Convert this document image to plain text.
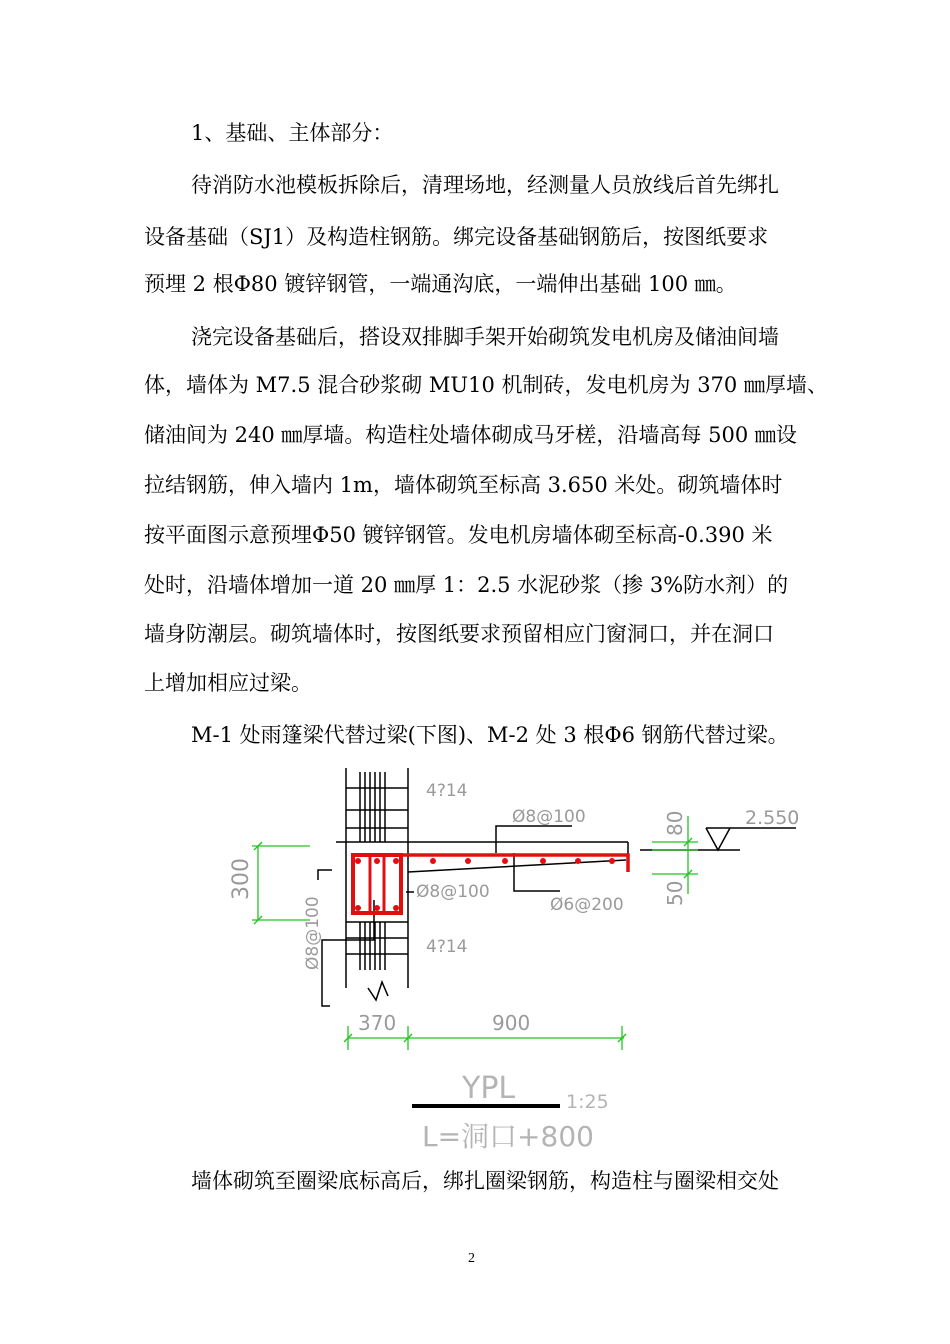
1、基础、主体部分：
待消防水池模板拆除后，清理场地，经测量人员放线后首先绑扎
设备基础（SJ1）及构造柱钢筋。绑完设备基础钢筋后，按图纸要求
预埋 2 根Φ80 镀锌钢管，一端通沟底，一端伸出基础 100 ㎜。
浇完设备基础后，搭设双排脚手架开始砌筑发电机房及储油间墙
体，墙体为 M7.5 混合砂浆砌 MU10 机制砖，发电机房为 370 ㎜厚墙、
储油间为 240 ㎜厚墙。构造柱处墙体砌成马牙槎，沿墙高每 500 ㎜设
拉结钢筋，伸入墙内 1m，墙体砌筑至标高 3.650 米处。砌筑墙体时
按平面图示意预埋Φ50 镀锌钢管。发电机房墙体砌至标高-0.390 米
处时，沿墙体增加一道 20 ㎜厚 1：2.5 水泥砂浆（掺 3%防水剂）的
墙身防潮层。砌筑墙体时，按图纸要求预留相应门窗洞口，并在洞口
上增加相应过梁。
M-1 处雨篷梁代替过梁(下图)、M-2 处 3 根Φ6 钢筋代替过梁。
4?14
4?14
Ø8@100
Ø8@100
Ø8@100	Ø6@200
2.550
300
80
50
370	900
YPL	1:25
L=洞口+800
墙体砌筑至圈梁底标高后，绑扎圈梁钢筋，构造柱与圈梁相交处
2
